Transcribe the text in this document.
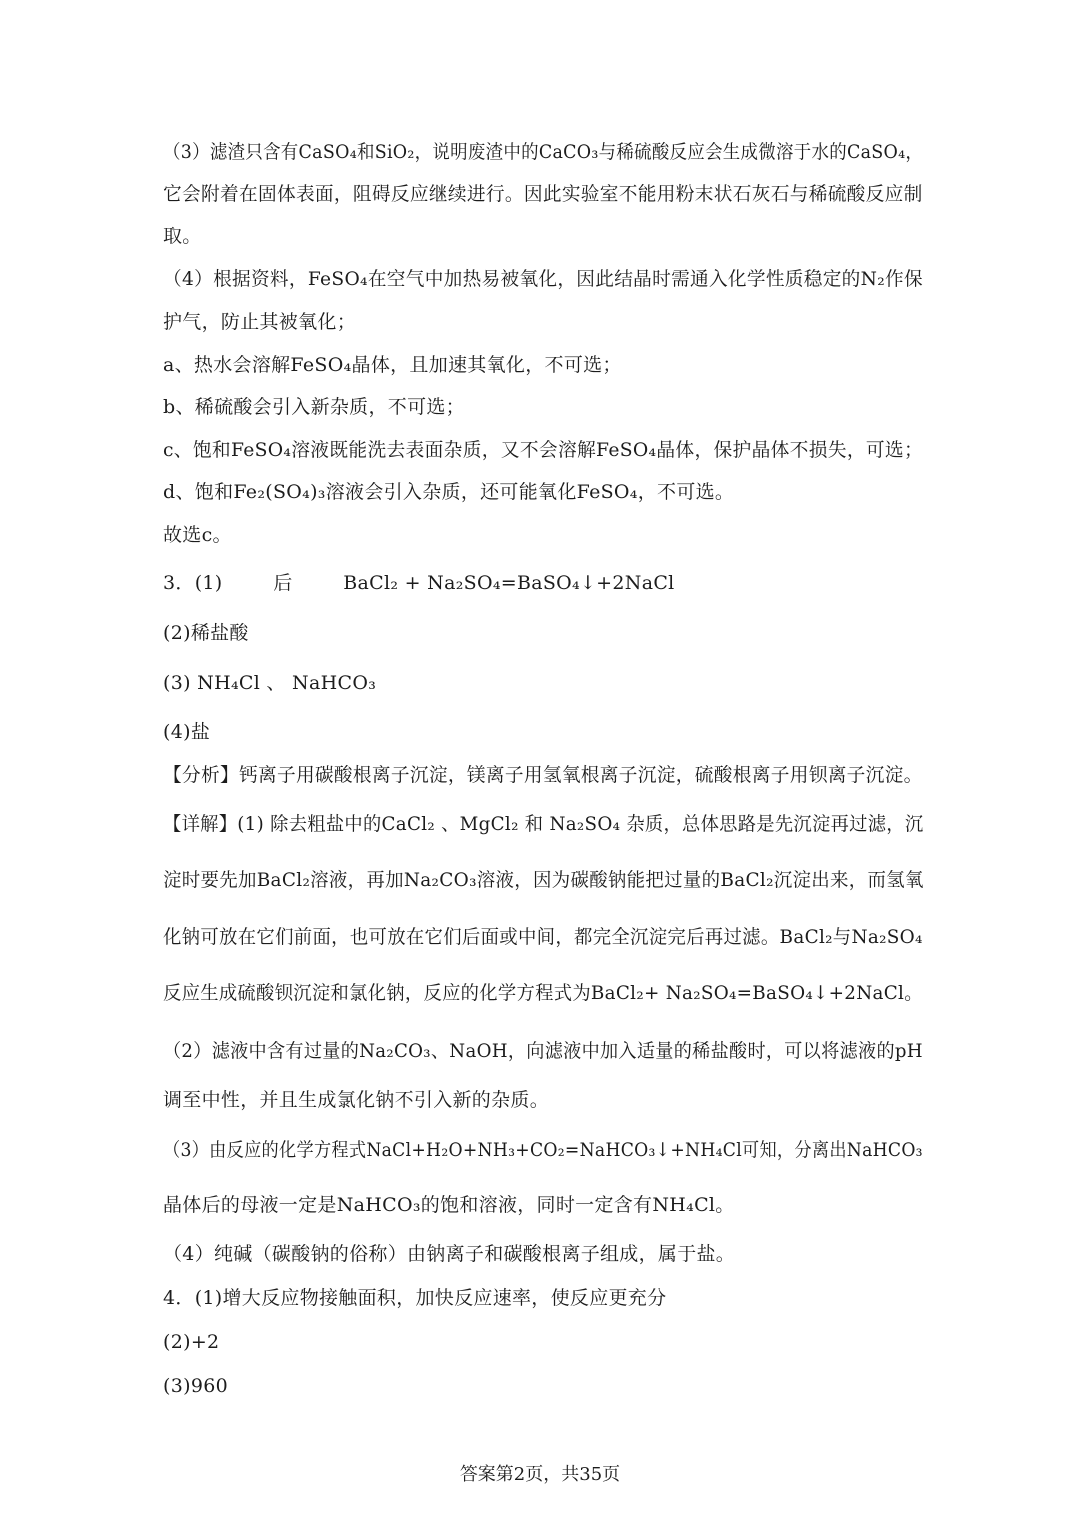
（3）滤渣只含有CaSO₄和SiO₂，说明废渣中的CaCO₃与稀硫酸反应会生成微溶于水的CaSO₄，
它会附着在固体表面，阻碍反应继续进行。因此实验室不能用粉末状石灰石与稀硫酸反应制
取。
（4）根据资料，FeSO₄在空气中加热易被氧化，因此结晶时需通入化学性质稳定的N₂作保
护气，防止其被氧化；
a、热水会溶解FeSO₄晶体，且加速其氧化，不可选；
b、稀硫酸会引入新杂质，不可选；
c、饱和FeSO₄溶液既能洗去表面杂质，又不会溶解FeSO₄晶体，保护晶体不损失，可选；
d、饱和Fe₂(SO₄)₃溶液会引入杂质，还可能氧化FeSO₄，不可选。
故选c。
3．(1)        后        BaCl₂ + Na₂SO₄=BaSO₄↓+2NaCl
(2)稀盐酸
(3) NH₄Cl 、 NaHCO₃
(4)盐
【分析】钙离子用碳酸根离子沉淀，镁离子用氢氧根离子沉淀，硫酸根离子用钡离子沉淀。
【详解】(1) 除去粗盐中的CaCl₂ 、MgCl₂ 和 Na₂SO₄ 杂质，总体思路是先沉淀再过滤，沉
淀时要先加BaCl₂溶液，再加Na₂CO₃溶液，因为碳酸钠能把过量的BaCl₂沉淀出来，而氢氧
化钠可放在它们前面，也可放在它们后面或中间，都完全沉淀完后再过滤。BaCl₂与Na₂SO₄
反应生成硫酸钡沉淀和氯化钠，反应的化学方程式为BaCl₂+ Na₂SO₄=BaSO₄↓+2NaCl。
（2）滤液中含有过量的Na₂CO₃、NaOH，向滤液中加入适量的稀盐酸时，可以将滤液的pH
调至中性，并且生成氯化钠不引入新的杂质。
（3）由反应的化学方程式NaCl+H₂O+NH₃+CO₂=NaHCO₃↓+NH₄Cl可知，分离出NaHCO₃
晶体后的母液一定是NaHCO₃的饱和溶液，同时一定含有NH₄Cl。
（4）纯碱（碳酸钠的俗称）由钠离子和碳酸根离子组成，属于盐。
4．(1)增大反应物接触面积，加快反应速率，使反应更充分
(2)+2
(3)960
答案第2页，共35页
